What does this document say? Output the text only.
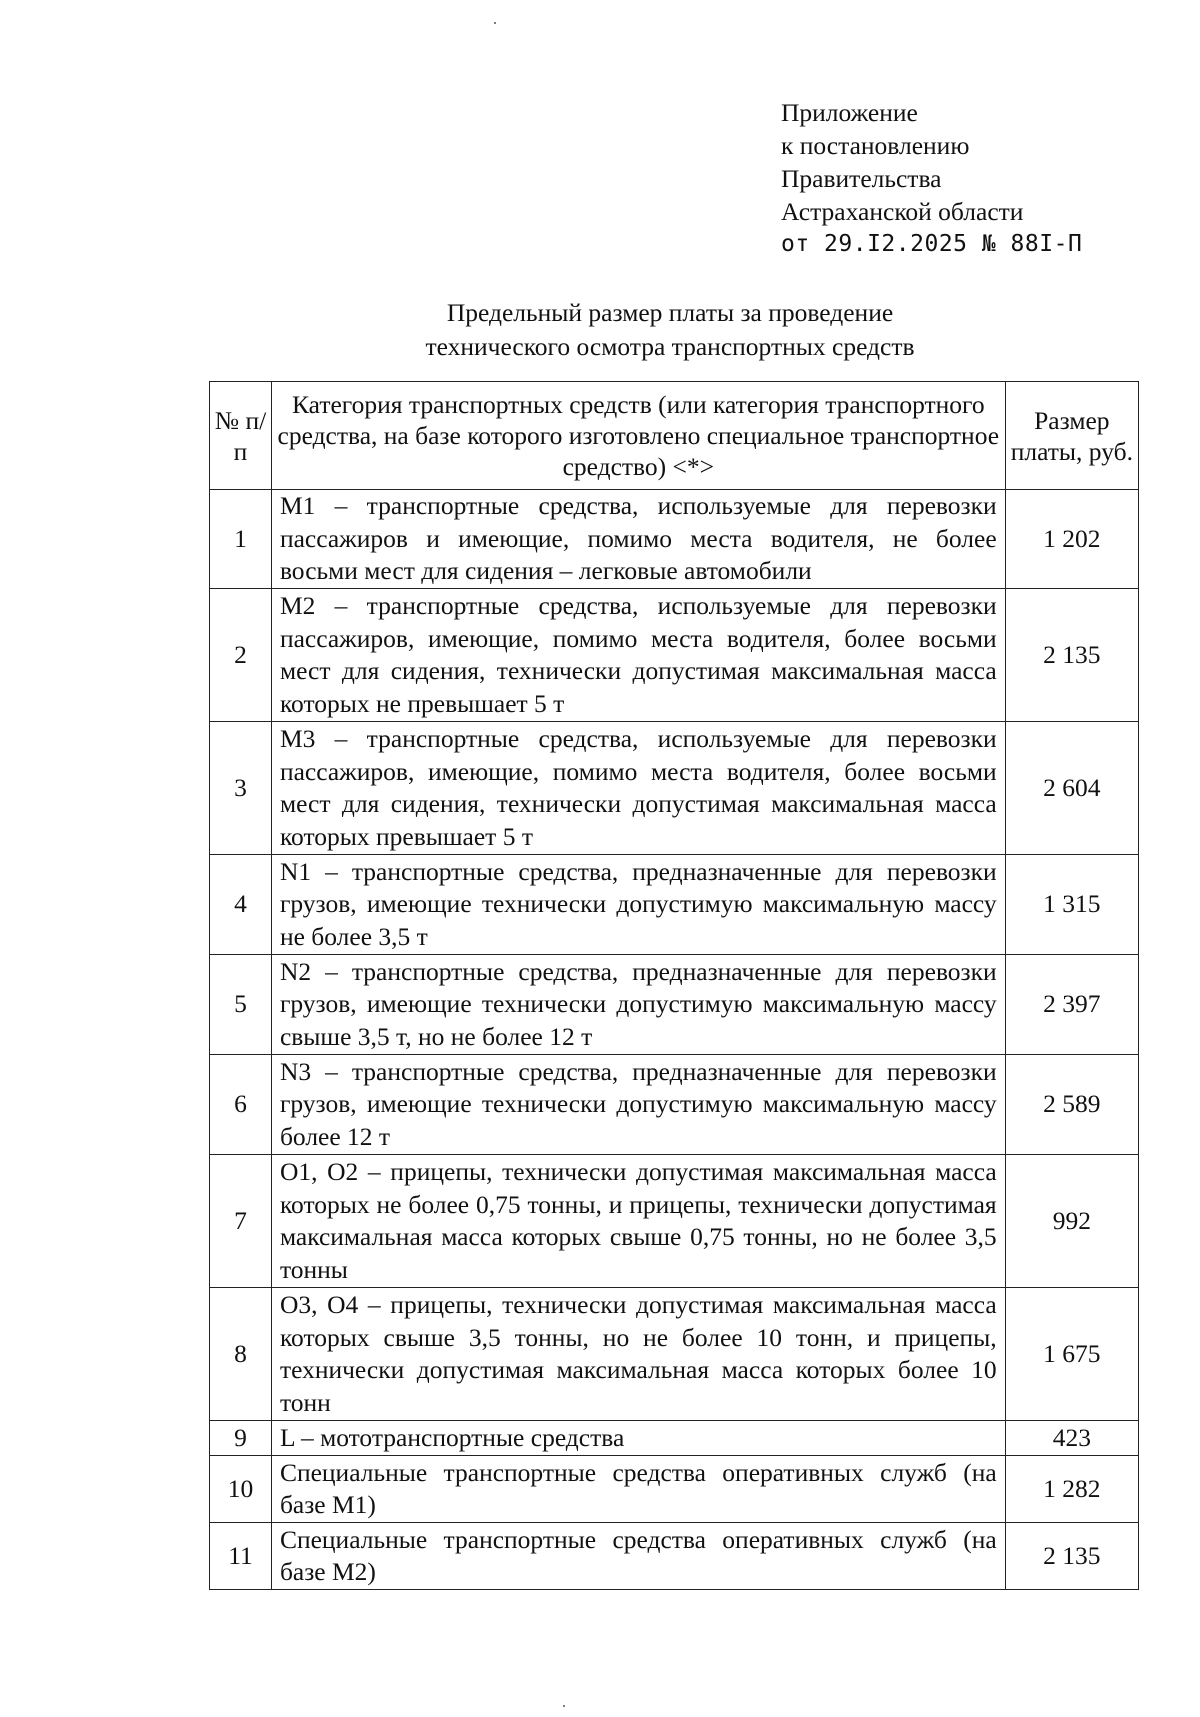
Приложение
к постановлению
Правительства
Астраханской области
от 29.I2.2025 № 88I-П
Предельный размер платы за проведение
технического осмотра транспортных средств
№ п/п	Категория транспортных средств (или категория транспортного средства, на базе которого изготовлено специальное транспортное средство) <*>	Размер платы, руб.
1	M1 – транспортные средства, используемые для перевозки пассажиров и имеющие, помимо места водителя, не более восьми мест для сидения – легковые автомобили	1 202
2	M2 – транспортные средства, используемые для перевозки пассажиров, имеющие, помимо места водителя, более восьми мест для сидения, технически допустимая максимальная масса которых не превышает 5 т	2 135
3	M3 – транспортные средства, используемые для перевозки пассажиров, имеющие, помимо места водителя, более восьми мест для сидения, технически допустимая максимальная масса которых превышает 5 т	2 604
4	N1 – транспортные средства, предназначенные для перевозки грузов, имеющие технически допустимую максимальную массу не более 3,5 т	1 315
5	N2 – транспортные средства, предназначенные для перевозки грузов, имеющие технически допустимую максимальную массу свыше 3,5 т, но не более 12 т	2 397
6	N3 – транспортные средства, предназначенные для перевозки грузов, имеющие технически допустимую максимальную массу более 12 т	2 589
7	O1, O2 – прицепы, технически допустимая максимальная масса которых не более 0,75 тонны, и прицепы, технически допустимая максимальная масса которых свыше 0,75 тонны, но не более 3,5 тонны	992
8	O3, O4 – прицепы, технически допустимая максимальная масса которых свыше 3,5 тонны, но не более 10 тонн, и прицепы, технически допустимая максимальная масса которых более 10 тонн	1 675
9	L – мототранспортные средства	423
10	Специальные транспортные средства оперативных служб (на базе M1)	1 282
11	Специальные транспортные средства оперативных служб (на базе M2)	2 135
